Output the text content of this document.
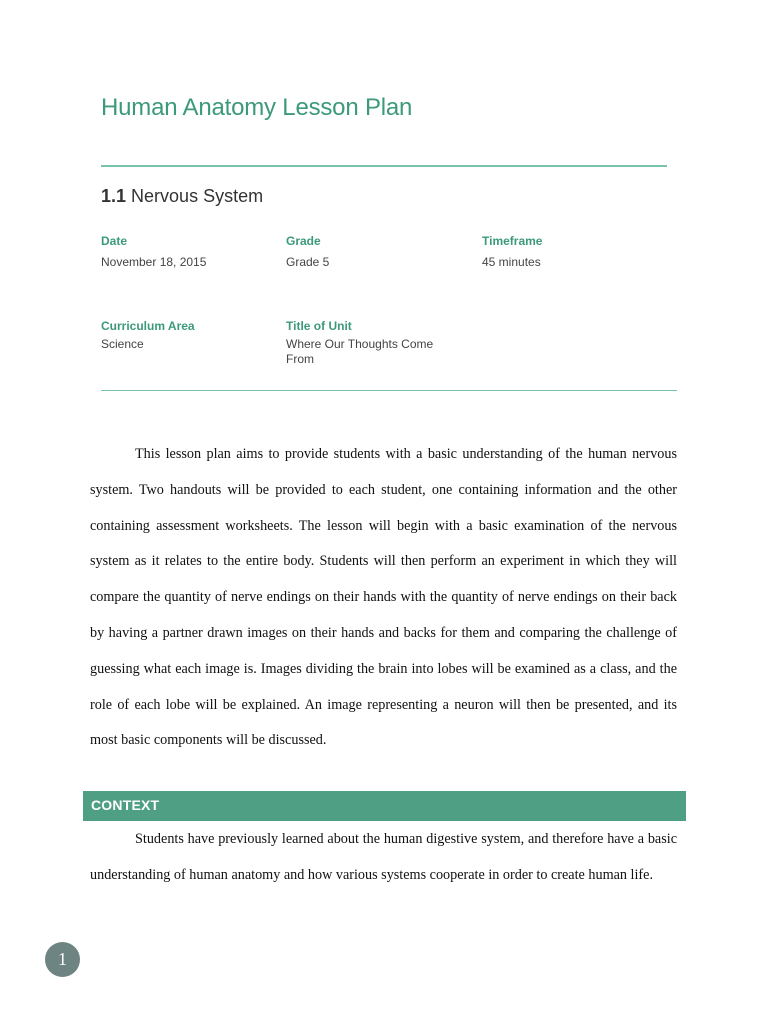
Human Anatomy Lesson Plan
1.1 Nervous System
Date
November 18, 2015
Grade
Grade 5
Timeframe
45 minutes
Curriculum Area
Science
Title of Unit
Where Our Thoughts Come From

This lesson plan aims to provide students with a basic understanding of the human nervous system. Two handouts will be provided to each student, one containing information and the other containing assessment worksheets. The lesson will begin with a basic examination of the nervous system as it relates to the entire body. Students will then perform an experiment in which they will compare the quantity of nerve endings on their hands with the quantity of nerve endings on their back by having a partner drawn images on their hands and backs for them and comparing the challenge of guessing what each image is. Images dividing the brain into lobes will be examined as a class, and the role of each lobe will be explained. An image representing a neuron will then be presented, and its most basic components will be discussed.

CONTEXT

Students have previously learned about the human digestive system, and therefore have a basic understanding of human anatomy and how various systems cooperate in order to create human life.

1
